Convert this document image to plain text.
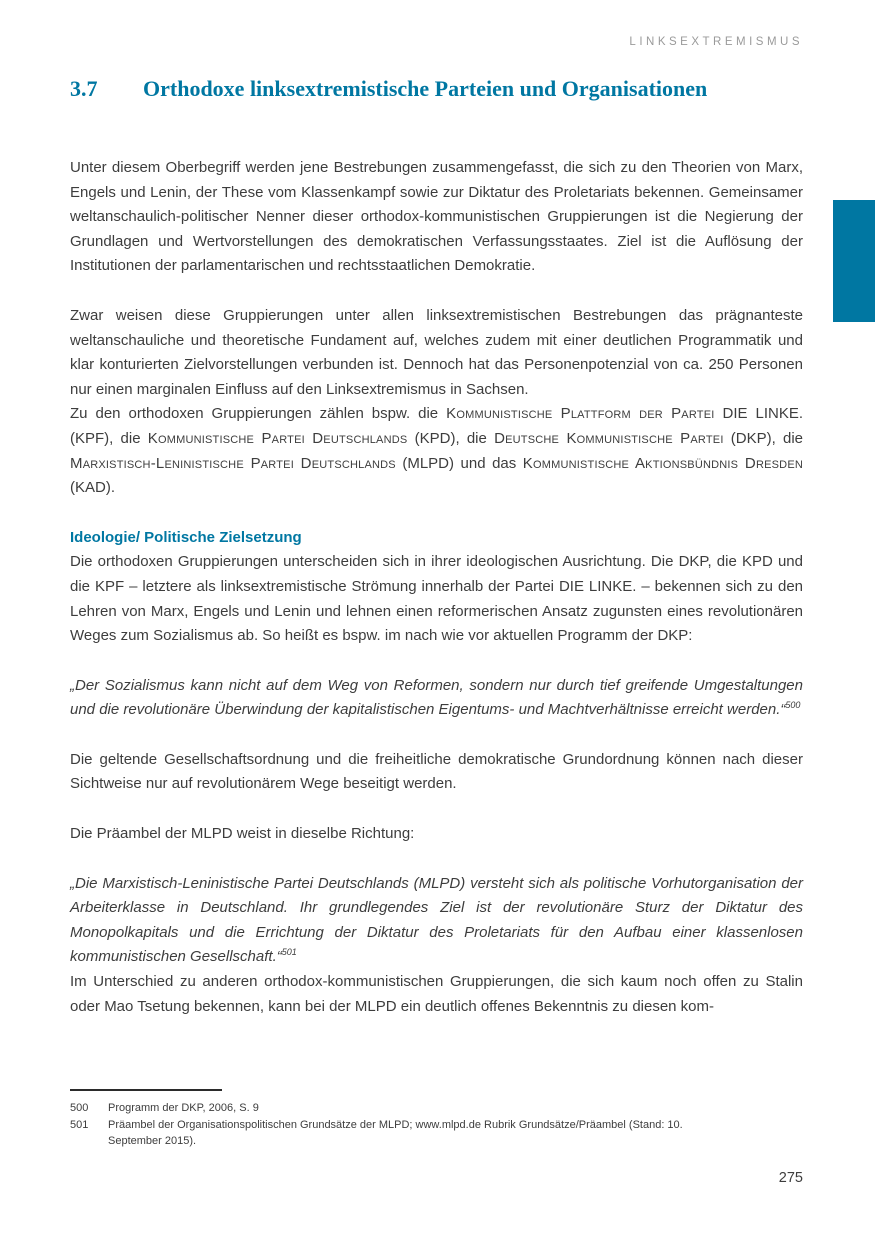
LINKSEXTREMISMUS
3.7	Orthodoxe linksextremistische Parteien und Organisationen

Unter diesem Oberbegriff werden jene Bestrebungen zusammengefasst, die sich zu den Theorien von Marx, Engels und Lenin, der These vom Klassenkampf sowie zur Diktatur des Proletariats bekennen. Gemeinsamer weltanschaulich-politischer Nenner dieser orthodox-kommunistischen Gruppierungen ist die Negierung der Grundlagen und Wertvorstellungen des demokratischen Verfassungsstaates. Ziel ist die Auflösung der Institutionen der parlamentarischen und rechtsstaatlichen Demokratie.

Zwar weisen diese Gruppierungen unter allen linksextremistischen Bestrebungen das prägnanteste weltanschauliche und theoretische Fundament auf, welches zudem mit einer deutlichen Programmatik und klar konturierten Zielvorstellungen verbunden ist. Dennoch hat das Personenpotenzial von ca. 250 Personen nur einen marginalen Einfluss auf den Linksextremismus in Sachsen.
Zu den orthodoxen Gruppierungen zählen bspw. die Kommunistische Plattform der Partei DIE LINKE. (KPF), die Kommunistische Partei Deutschlands (KPD), die Deutsche Kommunistische Partei (DKP), die Marxistisch-Leninistische Partei Deutschlands (MLPD) und das Kommunistische Aktionsbündnis Dresden (KAD).
Ideologie/ Politische Zielsetzung

Die orthodoxen Gruppierungen unterscheiden sich in ihrer ideologischen Ausrichtung. Die DKP, die KPD und die KPF – letztere als linksextremistische Strömung innerhalb der Partei DIE LINKE. – bekennen sich zu den Lehren von Marx, Engels und Lenin und lehnen einen reformerischen Ansatz zugunsten eines revolutionären Weges zum Sozialismus ab. So heißt es bspw. im nach wie vor aktuellen Programm der DKP:

„Der Sozialismus kann nicht auf dem Weg von Reformen, sondern nur durch tief greifende Umgestaltungen und die revolutionäre Überwindung der kapitalistischen Eigentums- und Machtverhältnisse erreicht werden.“$^{500}$

Die geltende Gesellschaftsordnung und die freiheitliche demokratische Grundordnung können nach dieser Sichtweise nur auf revolutionärem Wege beseitigt werden.

Die Präambel der MLPD weist in dieselbe Richtung:

„Die Marxistisch-Leninistische Partei Deutschlands (MLPD) versteht sich als politische Vorhutorganisation der Arbeiterklasse in Deutschland. Ihr grundlegendes Ziel ist der revolutionäre Sturz der Diktatur des Monopolkapitals und die Errichtung der Diktatur des Proletariats für den Aufbau einer klassenlosen kommunistischen Gesellschaft.“$^{501}$
Im Unterschied zu anderen orthodox-kommunistischen Gruppierungen, die sich kaum noch offen zu Stalin oder Mao Tsetung bekennen, kann bei der MLPD ein deutlich offenes Bekenntnis zu diesen kom-
500	Programm der DKP, 2006, S. 9
501	Präambel der Organisationspolitischen Grundsätze der MLPD; www.mlpd.de Rubrik Grundsätze/Präambel (Stand: 10. September 2015).
275
